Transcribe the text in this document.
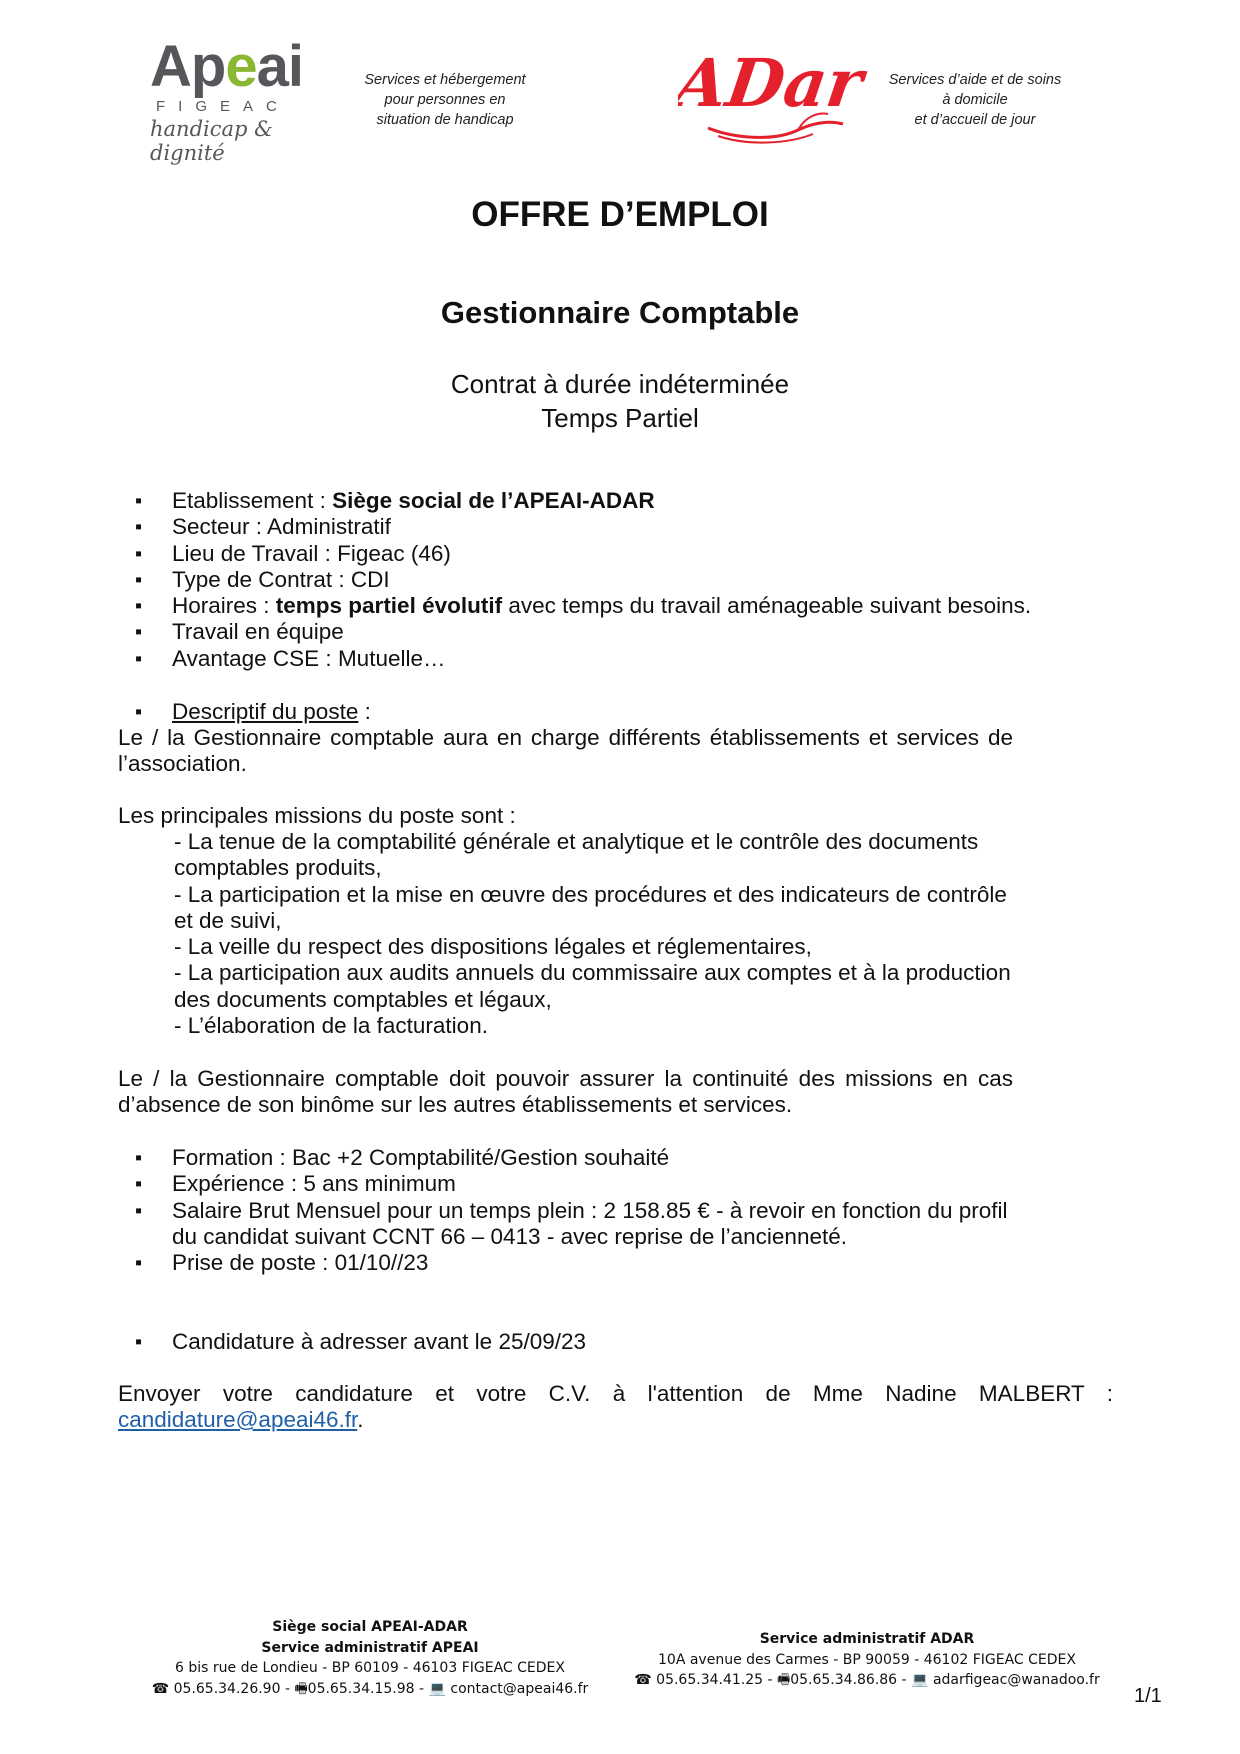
Apeai
FIGEAC
handicap & dignité
Services et hébergement
pour personnes en
situation de handicap	ADar	Services d’aide et de soins
à domicile
et d’accueil de jour
OFFRE D’EMPLOI
Gestionnaire Comptable
Contrat à durée indéterminée
Temps Partiel
▪ Etablissement : Siège social de l’APEAI-ADAR
▪ Secteur : Administratif
▪ Lieu de Travail : Figeac (46)
▪ Type de Contrat : CDI
▪ Horaires : temps partiel évolutif avec temps du travail aménageable suivant besoins.
▪ Travail en équipe
▪ Avantage CSE : Mutuelle…
▪ Descriptif du poste :
Le / la Gestionnaire comptable aura en charge différents établissements et services de l’association.
Les principales missions du poste sont :
- La tenue de la comptabilité générale et analytique et le contrôle des documents
comptables produits,
- La participation et la mise en œuvre des procédures et des indicateurs de contrôle
et de suivi,
- La veille du respect des dispositions légales et réglementaires,
- La participation aux audits annuels du commissaire aux comptes et à la production
des documents comptables et légaux,
- L’élaboration de la facturation.
Le / la Gestionnaire comptable doit pouvoir assurer la continuité des missions en cas d’absence de son binôme sur les autres établissements et services.
▪ Formation : Bac +2 Comptabilité/Gestion souhaité
▪ Expérience : 5 ans minimum
▪ Salaire Brut Mensuel pour un temps plein : 2 158.85 € - à revoir en fonction du profil
du candidat suivant CCNT 66 – 0413 - avec reprise de l’ancienneté.
▪ Prise de poste : 01/10//23
▪ Candidature à adresser avant le 25/09/23
Envoyer votre candidature et votre C.V. à l'attention de Mme Nadine MALBERT :
candidature@apeai46.fr.
Siège social APEAI-ADAR
Service administratif APEAI
6 bis rue de Londieu - BP 60109 - 46103 FIGEAC CEDEX
☎ 05.65.34.26.90 - 🖷05.65.34.15.98 - 💻 contact@apeai46.fr
Service administratif ADAR
10A avenue des Carmes - BP 90059 - 46102 FIGEAC CEDEX
☎ 05.65.34.41.25 - 🖷05.65.34.86.86 - 💻 adarfigeac@wanadoo.fr
1/1
